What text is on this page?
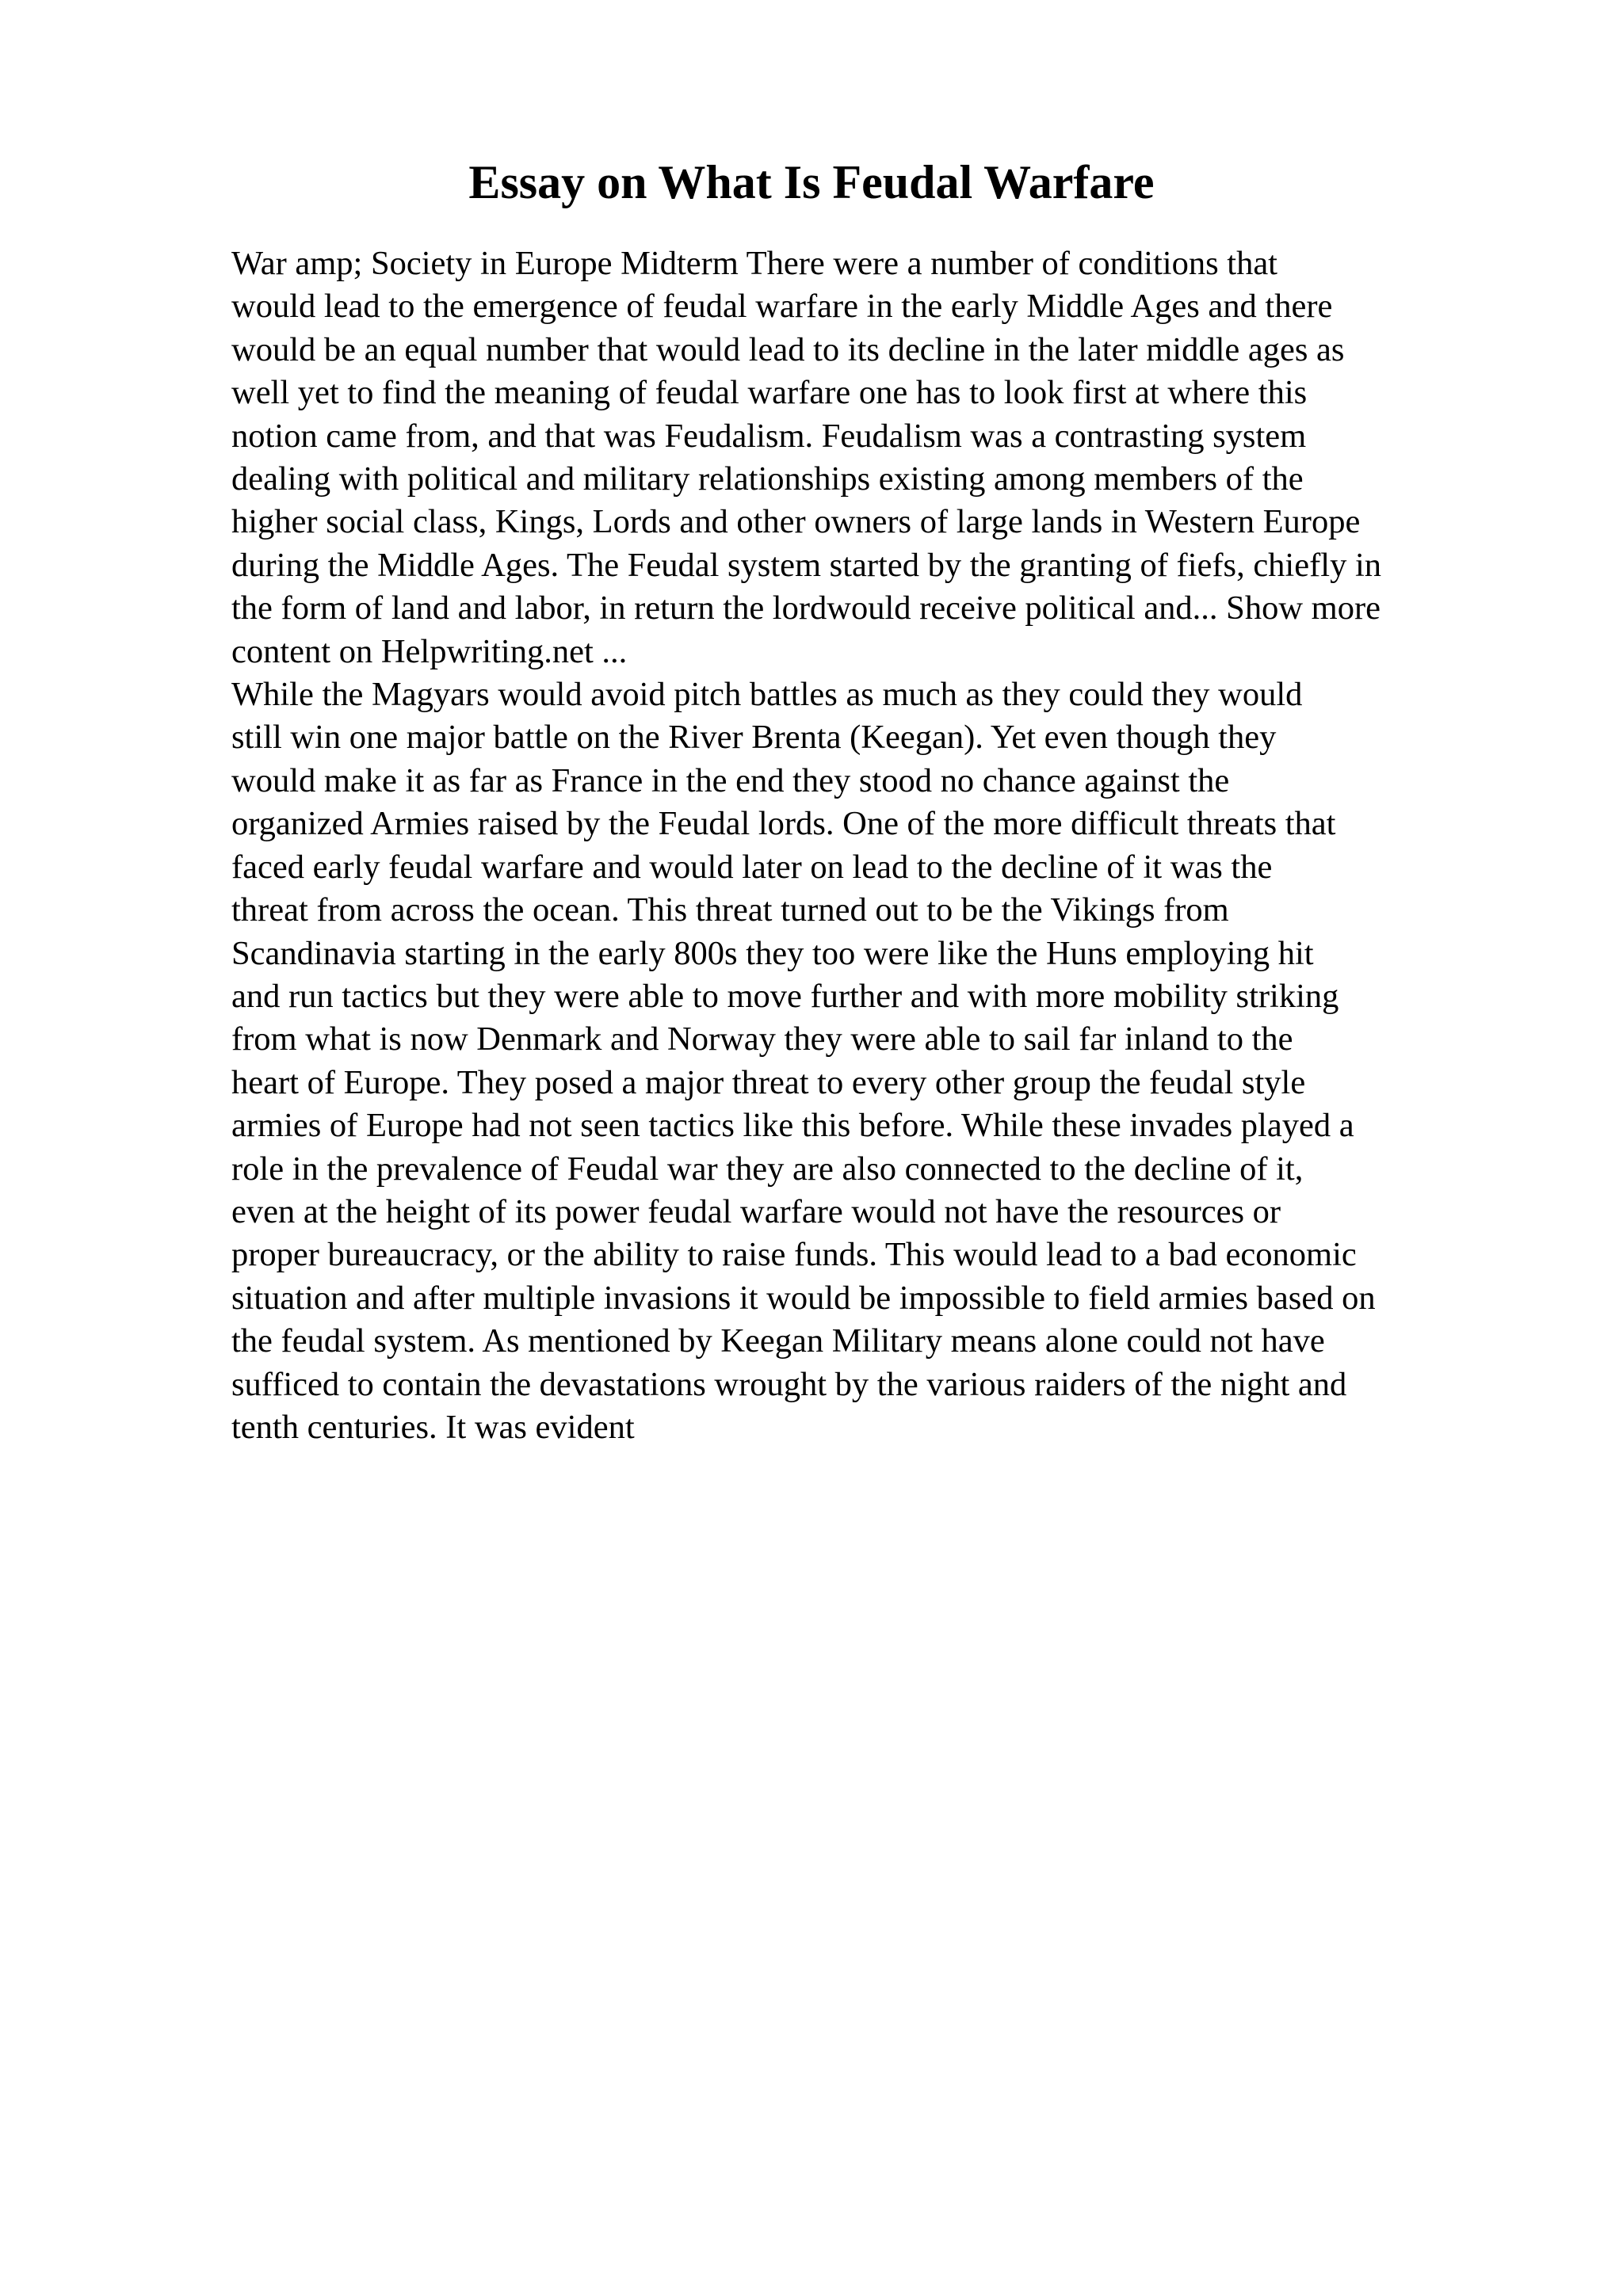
Essay on What Is Feudal Warfare
War amp; Society in Europe Midterm There were a number of conditions that
would lead to the emergence of feudal warfare in the early Middle Ages and there
would be an equal number that would lead to its decline in the later middle ages as
well yet to find the meaning of feudal warfare one has to look first at where this
notion came from, and that was Feudalism. Feudalism was a contrasting system
dealing with political and military relationships existing among members of the
higher social class, Kings, Lords and other owners of large lands in Western Europe
during the Middle Ages. The Feudal system started by the granting of fiefs, chiefly in
the form of land and labor, in return the lordwould receive political and... Show more
content on Helpwriting.net ...
While the Magyars would avoid pitch battles as much as they could they would
still win one major battle on the River Brenta (Keegan). Yet even though they
would make it as far as France in the end they stood no chance against the
organized Armies raised by the Feudal lords. One of the more difficult threats that
faced early feudal warfare and would later on lead to the decline of it was the
threat from across the ocean. This threat turned out to be the Vikings from
Scandinavia starting in the early 800s they too were like the Huns employing hit
and run tactics but they were able to move further and with more mobility striking
from what is now Denmark and Norway they were able to sail far inland to the
heart of Europe. They posed a major threat to every other group the feudal style
armies of Europe had not seen tactics like this before. While these invades played a
role in the prevalence of Feudal war they are also connected to the decline of it,
even at the height of its power feudal warfare would not have the resources or
proper bureaucracy, or the ability to raise funds. This would lead to a bad economic
situation and after multiple invasions it would be impossible to field armies based on
the feudal system. As mentioned by Keegan Military means alone could not have
sufficed to contain the devastations wrought by the various raiders of the night and
tenth centuries. It was evident
